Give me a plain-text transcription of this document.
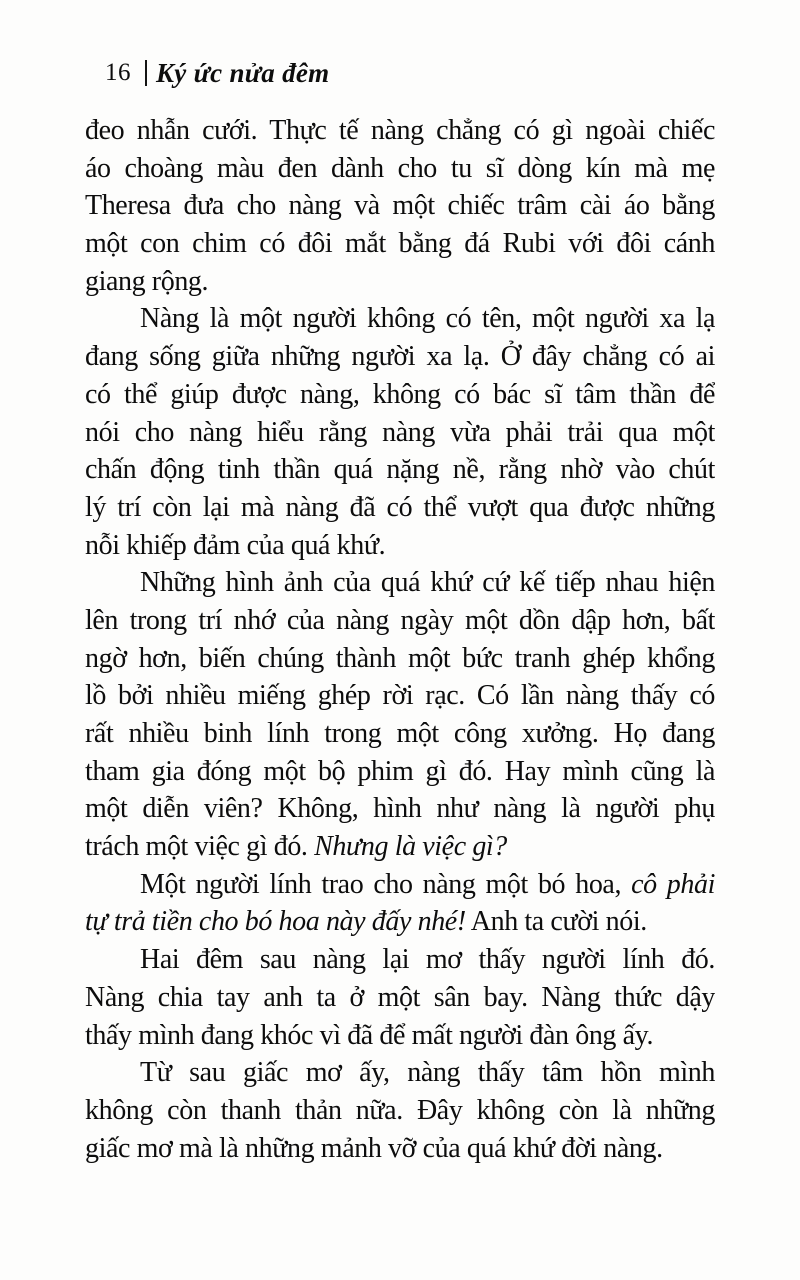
16 Ký ức nửa đêm
đeo nhẫn cưới. Thực tế nàng chẳng có gì ngoài chiếc
áo choàng màu đen dành cho tu sĩ dòng kín mà mẹ
Theresa đưa cho nàng và một chiếc trâm cài áo bằng
một con chim có đôi mắt bằng đá Rubi với đôi cánh
giang rộng.
Nàng là một người không có tên, một người xa lạ
đang sống giữa những người xa lạ. Ở đây chẳng có ai
có thể giúp được nàng, không có bác sĩ tâm thần để
nói cho nàng hiểu rằng nàng vừa phải trải qua một
chấn động tinh thần quá nặng nề, rằng nhờ vào chút
lý trí còn lại mà nàng đã có thể vượt qua được những
nỗi khiếp đảm của quá khứ.
Những hình ảnh của quá khứ cứ kế tiếp nhau hiện
lên trong trí nhớ của nàng ngày một dồn dập hơn, bất
ngờ hơn, biến chúng thành một bức tranh ghép khổng
lồ bởi nhiều miếng ghép rời rạc. Có lần nàng thấy có
rất nhiều binh lính trong một công xưởng. Họ đang
tham gia đóng một bộ phim gì đó. Hay mình cũng là
một diễn viên? Không, hình như nàng là người phụ
trách một việc gì đó. Nhưng là việc gì?
Một người lính trao cho nàng một bó hoa, cô phải
tự trả tiền cho bó hoa này đấy nhé! Anh ta cười nói.
Hai đêm sau nàng lại mơ thấy người lính đó.
Nàng chia tay anh ta ở một sân bay. Nàng thức dậy
thấy mình đang khóc vì đã để mất người đàn ông ấy.
Từ sau giấc mơ ấy, nàng thấy tâm hồn mình
không còn thanh thản nữa. Đây không còn là những
giấc mơ mà là những mảnh vỡ của quá khứ đời nàng.
